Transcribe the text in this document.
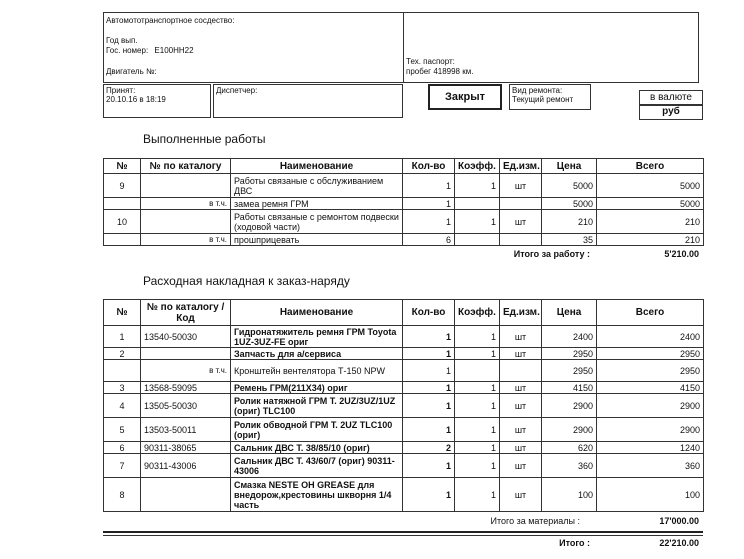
Автомототранспортное сосдество:
Год вып.
Гос. номер: Е100НН22
Двигатель №:
Тех. паспорт:
пробег 418998 км.
Принят:
20.10.16 в 18:19
Диспетчер:
Закрыт
Вид ремонта:
Текущий ремонт	в валюте
руб
Выполненные работы
№	№ по каталогу	Наименование	Кол-во	Коэфф.	Ед.изм.	Цена	Всего
9		Работы связаные с обслуживанием ДВС	1	1	шт	5000	5000
	в т.ч.	замеа ремня ГРМ	1			5000	5000
10		Работы связаные с ремонтом подвески (ходовой части)	1	1	шт	210	210
	в т.ч.	прошприцевать	6			35	210
Итого за работу :	5'210.00
Расходная накладная к заказ-наряду
№	№ по каталогу / Код	Наименование	Кол-во	Коэфф.	Ед.изм.	Цена	Всего
1	13540-50030	Гидронатяжитель ремня ГРМ Toyota 1UZ-3UZ-FE ориг	1	1	шт	2400	2400
2		Запчасть для а/сервиса	1	1	шт	2950	2950
	в т.ч.	Кронштейн вентелятора Т-150 NPW	1			2950	2950
3	13568-59095	Ремень ГРМ(211X34) ориг	1	1	шт	4150	4150
4	13505-50030	Ролик натяжной ГРМ Т. 2UZ/3UZ/1UZ (ориг) TLC100	1	1	шт	2900	2900
5	13503-50011	Ролик обводной ГРМ Т. 2UZ TLC100 (ориг)	1	1	шт	2900	2900
6	90311-38065	Сальник ДВС Т. 38/85/10 (ориг)	2	1	шт	620	1240
7	90311-43006	Сальник ДВС Т. 43/60/7 (ориг) 90311-43006	1	1	шт	360	360
8		Смазка NESTE OH GREASE для внедорож,крестовины шкворня 1/4 часть	1	1	шт	100	100
Итого за материалы :	17'000.00
Итого :	22'210.00
